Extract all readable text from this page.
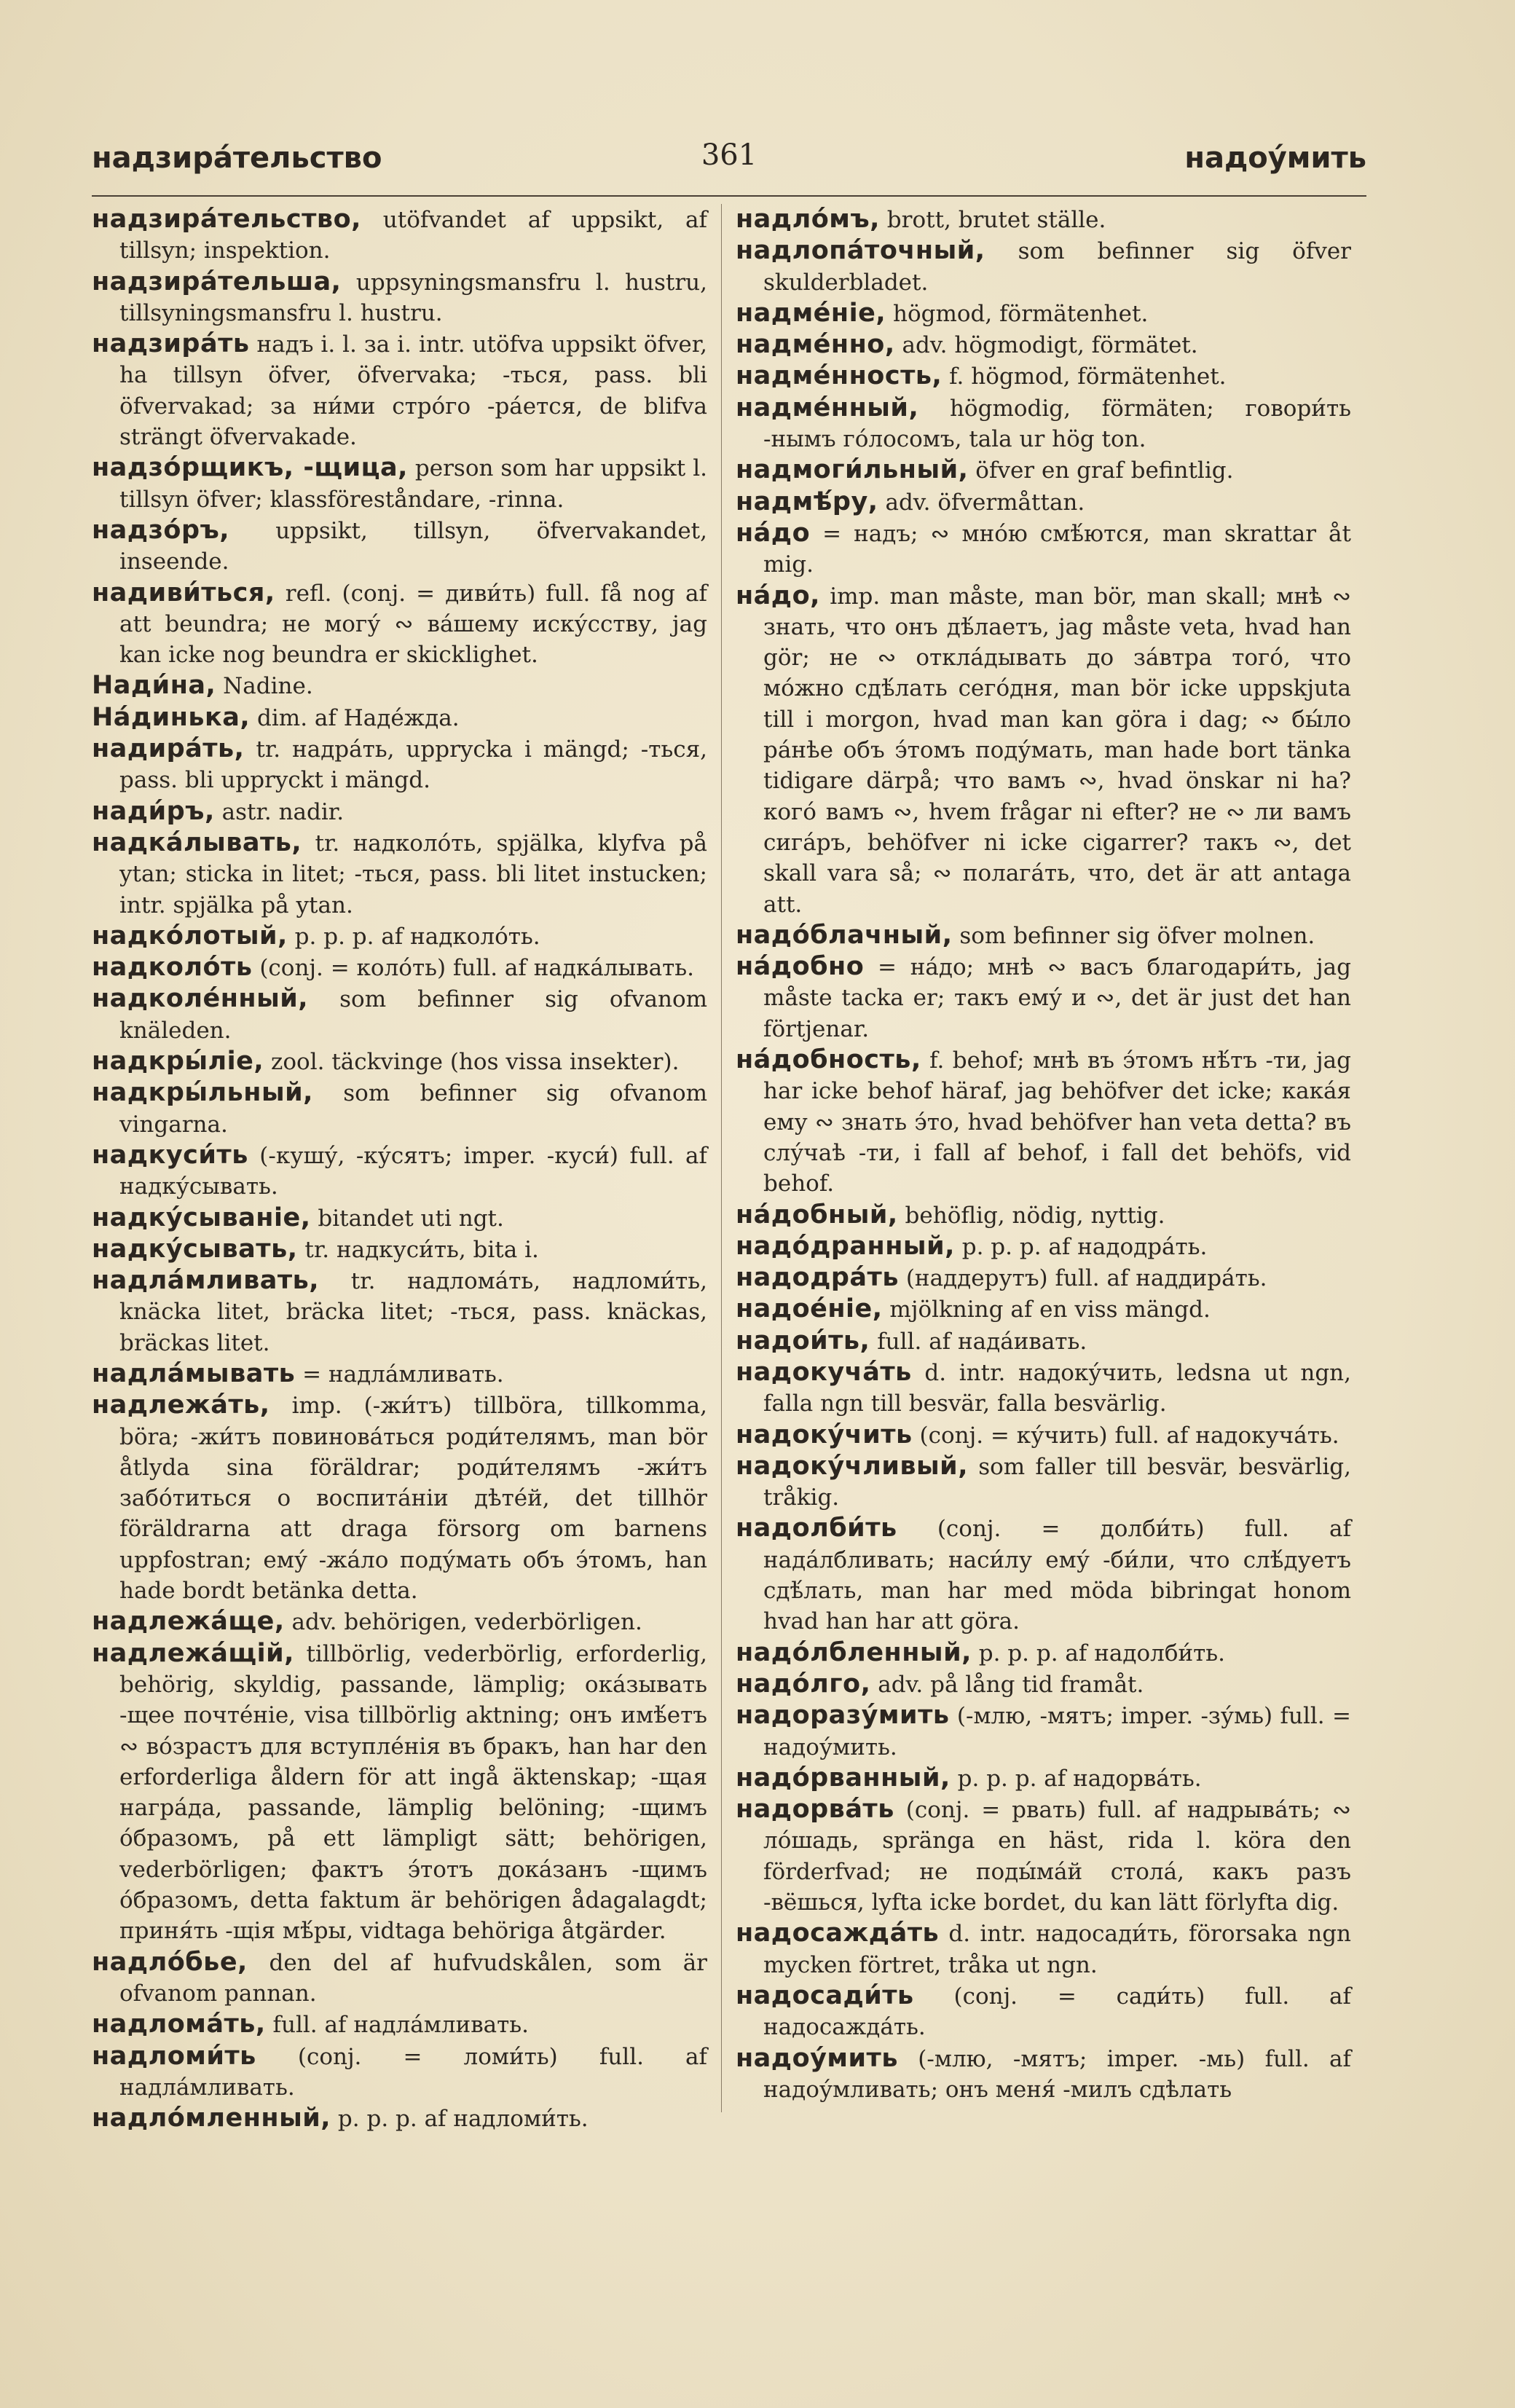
надзира́тельство	361	надоу́мить

надзира́тельство, utöfvandet af uppsikt, af tillsyn; inspektion.

надзира́тельша, uppsyningsmansfru l. hustru, tillsyningsmansfru l. hustru.

надзира́ть надъ i. l. за i. intr. utöfva uppsikt öfver, ha tillsyn öfver, öfvervaka; -ться, pass. bli öfvervakad; за ни́ми стро́го -ра́ется, de blifva strängt öfvervakade.

надзо́рщикъ, -щица, person som har uppsikt l. tillsyn öfver; klassföreståndare, -rinna.

надзо́ръ, uppsikt, tillsyn, öfvervakandet, inseende.

надиви́ться, refl. (conj. = диви́ть) full. få nog af att beundra; не могу́ ∾ ва́шему иску́сству, jag kan icke nog beundra er skicklighet.

Нади́на, Nadine.

На́динька, dim. af Наде́жда.

надира́ть, tr. надра́ть, upprycka i mängd; -ться, pass. bli uppryckt i mängd.

нади́ръ, astr. nadir.

надка́лывать, tr. надколо́ть, spjälka, klyfva på ytan; sticka in litet; -ться, pass. bli litet instucken; intr. spjälka på ytan.

надко́лотый, p. p. p. af надколо́ть.

надколо́ть (conj. = коло́ть) full. af надка́лывать.

надколе́нный, som befinner sig ofvanom knäleden.

надкры́ліе, zool. täckvinge (hos vissa insekter).

надкры́льный, som befinner sig ofvanom vingarna.

надкуси́ть (-кушу́, -ку́сятъ; imper. -куси́) full. af надку́сывать.

надку́сываніе, bitandet uti ngt.

надку́сывать, tr. надкуси́ть, bita i.

надла́мливать, tr. надлома́ть, надломи́ть, knäcka litet, bräcka litet; -ться, pass. knäckas, bräckas litet.

надла́мывать = надла́мливать.

надлежа́ть, imp. (-жи́тъ) tillböra, tillkomma, böra; -жи́тъ повинова́ться роди́телямъ, man bör åtlyda sina föräldrar; роди́телямъ -жи́тъ забо́титься о воспита́ніи дѣте́й, det tillhör föräldrarna att draga försorg om barnens uppfostran; ему́ -жа́ло поду́мать объ э́томъ, han hade bordt betänka detta.

надлежа́ще, adv. behörigen, vederbörligen.

надлежа́щій, tillbörlig, vederbörlig, erforderlig, behörig, skyldig, passande, lämplig; ока́зывать -щее почте́ніе, visa tillbörlig aktning; онъ имѣ́етъ ∾ во́зрастъ для вступле́нія въ бракъ, han har den erforderliga åldern för att ingå äktenskap; -щая награ́да, passande, lämplig belöning; -щимъ о́бразомъ, på ett lämpligt sätt; behörigen, vederbörligen; фактъ э́тотъ дока́занъ -щимъ о́бразомъ, detta faktum är behörigen ådagalagdt; приня́ть -щія мѣ́ры, vidtaga behöriga åtgärder.

надло́бье, den del af hufvudskålen, som är ofvanom pannan.

надлома́ть, full. af надла́мливать.

надломи́ть (conj. = ломи́ть) full. af надла́мливать.

надло́мленный, p. p. p. af надломи́ть.

надло́мъ, brott, brutet ställe.

надлопа́точный, som befinner sig öfver skulderbladet.

надме́ніе, högmod, förmätenhet.

надме́нно, adv. högmodigt, förmätet.

надме́нность, f. högmod, förmätenhet.

надме́нный, högmodig, förmäten; говори́ть -нымъ го́лосомъ, tala ur hög ton.

надмоги́льный, öfver en graf befintlig.

надмѣ́ру, adv. öfvermåttan.

на́до = надъ; ∾ мно́ю смѣ́ются, man skrattar åt mig.

на́до, imp. man måste, man bör, man skall; мнѣ ∾ знать, что онъ дѣ́лаетъ, jag måste veta, hvad han gör; не ∾ откла́дывать до за́втра того́, что мо́жно сдѣ́лать сего́дня, man bör icke uppskjuta till i morgon, hvad man kan göra i dag; ∾ бы́ло ра́нѣе объ э́томъ поду́мать, man hade bort tänka tidigare därpå; что вамъ ∾, hvad önskar ni ha? кого́ вамъ ∾, hvem frågar ni efter? не ∾ ли вамъ сига́ръ, behöfver ni icke cigarrer? такъ ∾, det skall vara så; ∾ полага́ть, что, det är att antaga att.

надо́блачный, som befinner sig öfver molnen.

на́добно = на́до; мнѣ ∾ васъ благодари́ть, jag måste tacka er; такъ ему́ и ∾, det är just det han förtjenar.

на́добность, f. behof; мнѣ въ э́томъ нѣ́тъ -ти, jag har icke behof häraf, jag behöfver det icke; кака́я ему ∾ знать э́то, hvad behöfver han veta detta? въ слу́чаѣ -ти, i fall af behof, i fall det behöfs, vid behof.

на́добный, behöflig, nödig, nyttig.

надо́дранный, p. p. p. af надодра́ть.

надодра́ть (наддерутъ) full. af наддира́ть.

надое́ніе, mjölkning af en viss mängd.

надои́ть, full. af нада́ивать.

надокуча́ть d. intr. надоку́чить, ledsna ut ngn, falla ngn till besvär, falla besvärlig.

надоку́чить (conj. = ку́чить) full. af надокуча́ть.

надоку́чливый, som faller till besvär, besvärlig, tråkig.

надолби́ть (conj. = долби́ть) full. af нада́лбливать; наси́лу ему́ -би́ли, что слѣ́дуетъ сдѣ́лать, man har med möda bibringat honom hvad han har att göra.

надо́лбленный, p. p. p. af надолби́ть.

надо́лго, adv. på lång tid framåt.

надоразу́мить (-млю, -мятъ; imper. -зу́мь) full. = надоу́мить.

надо́рванный, p. p. p. af надорва́ть.

надорва́ть (conj. = рвать) full. af надрыва́ть; ∾ ло́шадь, spränga en häst, rida l. köra den förderfvad; не поды́ма́й стола́, какъ разъ -вёшься, lyfta icke bordet, du kan lätt förlyfta dig.

надосажда́ть d. intr. надосади́ть, förorsaka ngn mycken förtret, tråka ut ngn.

надосади́ть (conj. = сади́ть) full. af надосажда́ть.

надоу́мить (-млю, -мятъ; imper. -мь) full. af надоу́мливать; онъ меня́ -милъ сдѣлать
